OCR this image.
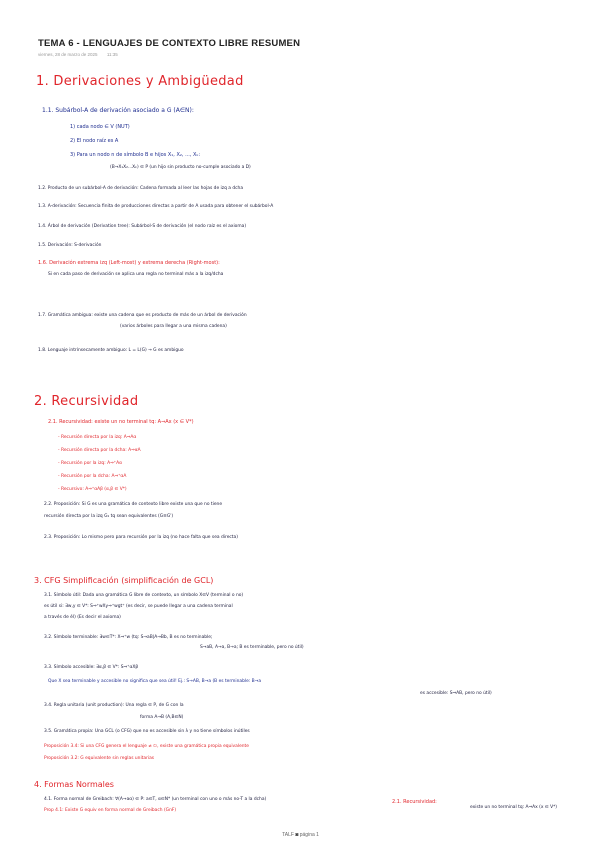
TEMA 6 - LENGUAJES DE CONTEXTO LIBRE RESUMEN
viernes, 28 de marzo de 2025 11:35
1. Derivaciones y Ambigüedad
1.1. Subárbol-A de derivación asociado a G (A∈N):
1) cada nodo ∈ V (NUT)
2) El nodo raíz es A
3) Para un nodo n de símbolo B e hijos X₁, X₂, ..., Xₖ:
(B→X₁X₂...Xₖ) ∈ P (un hijo sin producto no-cumple asociado a D)
1.2. Producto de un subárbol-A de derivación: Cadena formada al leer las hojas de izq a dcha
1.3. A-derivación: Secuencia finita de producciones directas a partir de A usada para obtener el subárbol-A
1.4. Árbol de derivación (Derivation tree): Subárbol-S de derivación (el nodo raíz es el axioma)
1.5. Derivación: S-derivación
1.6. Derivación extrema izq (Left-most) y extrema derecha (Right-most):
Si en cada paso de derivación se aplica una regla no terminal más a la izq/dcha
1.7. Gramática ambigua: existe una cadena que es producto de más de un árbol de derivación
(varios árboles para llegar a una misma cadena)
1.8. Lenguaje intrínsecamente ambiguo: L = L(G) → G es ambiguo
2. Recursividad
2.1. Recursividad: existe un no terminal tq: A⇒Ax (x ∈ V*)
- Recursión directa por la izq: A⇒Aα
- Recursión directa por la dcha: A⇒αA
- Recursión por la izq: A⇒⁺Aα
- Recursión por la dcha: A⇒⁺αA
- Recursivo: A⇒⁺αAβ (α,β ∈ V*)
2.2. Proposición: Si G es una gramática de contexto libre existe una que no tiene
recursión directa por la izq G₁ tq sean equivalentes (G≡G')
2.3. Proposición: Lo mismo pero para recursión por la izq (no hace falta que sea directa)
3. CFG Simplificación (simplificación de GCL)
3.1. Símbolo útil: Dada una gramática G libre de contexto, un símbolo X∈V (terminal o no)
es útil si: ∃w,y ∈ V*: S⇒⁺wXy⇒⁺wgt⁺ (es decir, se puede llegar a una cadena terminal
a través de él) (Es decir el axioma)
3.2. Símbolo terminable: ∃w∈T*: X⇒⁺w (tq: S→aB|A→Bb, B es no terminable;
S→aB, A→a, B→a; B es terminable, pero no útil)
3.3. Símbolo accesible: ∃α,β ∈ V*: S⇒⁺αXβ
Que X sea terminable y accesible no significa que sea útil! Ej.: S→AB, B→a (B es terminable: B→a
es accesible: S⇒AB, pero no útil)
3.4. Regla unitaria (unit production): Una regla ∈ P, de G con la
forma A→B (A,B∈N)
3.5. Gramática propia: Una GCL (o CFG) que no es accesible sin λ y no tiene símbolos inútiles
Proposición 3.4: Si una CFG genera el lenguaje ≠ ∅, existe una gramática propia equivalente
Proposición 3.2: G equivalente sin reglas unitarias
4. Formas Normales
4.1. Forma normal de Greibach: ∀(A→aα) ∈ P: a∈T, α∈N* (un terminal con uno o más no-T a la dcha)
Prop 4.1: Existe G equiv en forma normal de Greibach (GnF)
2.1. Recursividad:
existe un no terminal tq: A⇒Ax (x ∈ V*)
TALF ◙ página 1
